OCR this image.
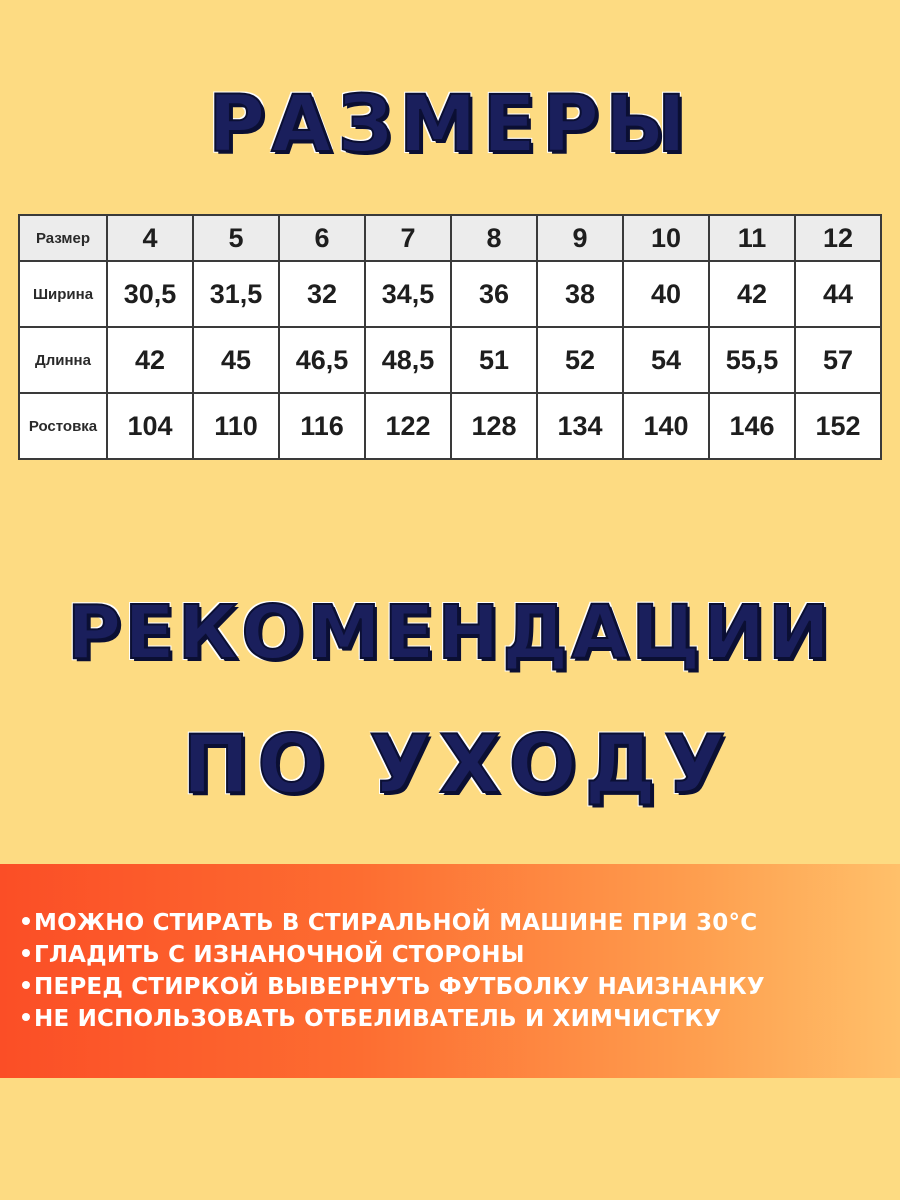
РАЗМЕРЫ
Размер	4	5	6	7	8	9	10	11	12
Ширина	30,5	31,5	32	34,5	36	38	40	42	44
Длинна	42	45	46,5	48,5	51	52	54	55,5	57
Ростовка	104	110	116	122	128	134	140	146	152
РЕКОМЕНДАЦИИ
ПО УХОДУ
МОЖНО СТИРАТЬ В СТИРАЛЬНОЙ МАШИНЕ ПРИ 30°C
ГЛАДИТЬ С ИЗНАНОЧНОЙ СТОРОНЫ
ПЕРЕД СТИРКОЙ ВЫВЕРНУТЬ ФУТБОЛКУ НАИЗНАНКУ
НЕ ИСПОЛЬЗОВАТЬ ОТБЕЛИВАТЕЛЬ И ХИМЧИСТКУ
